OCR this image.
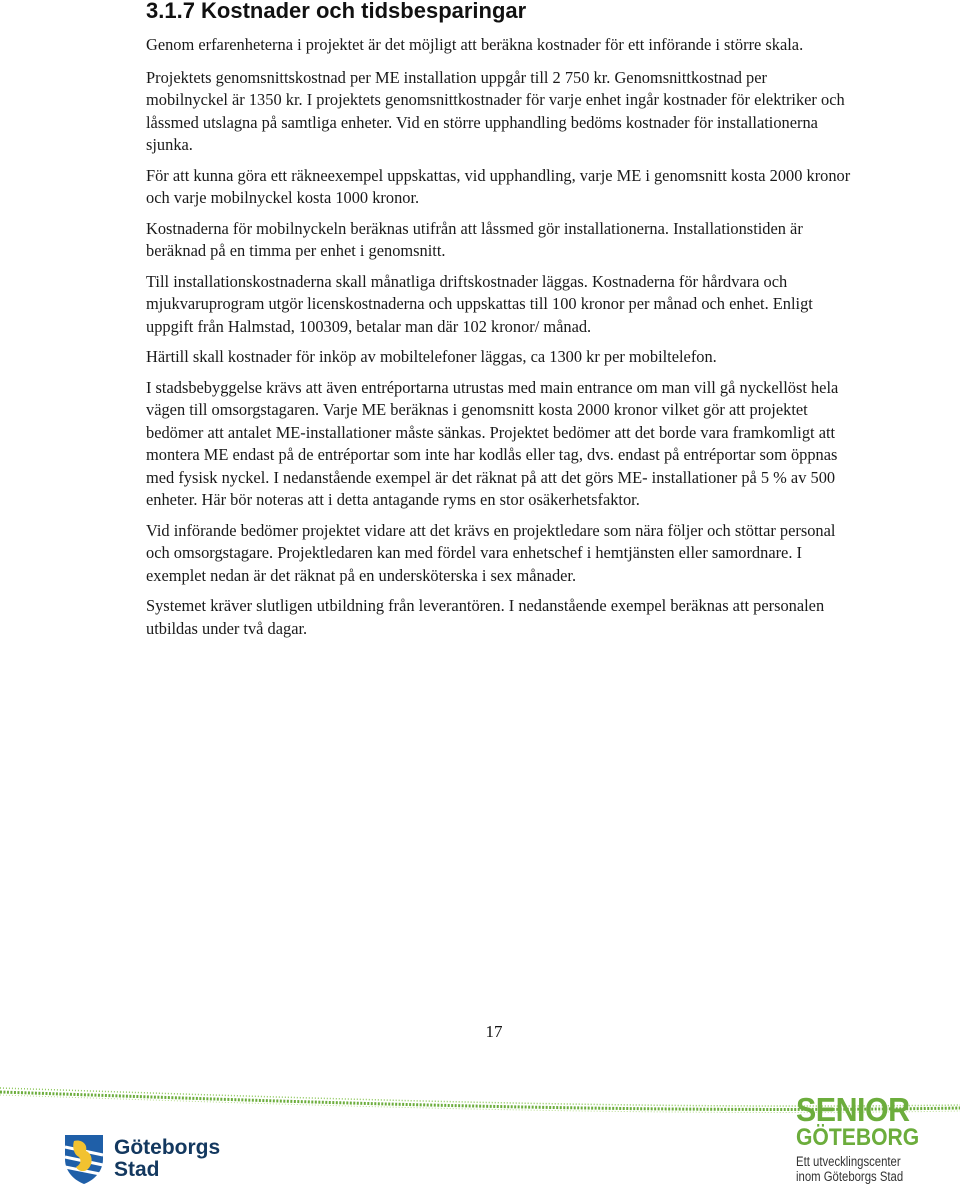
3.1.7 Kostnader och tidsbesparingar

Genom erfarenheterna i projektet är det möjligt att beräkna kostnader för ett införande i större skala.

Projektets genomsnittskostnad per ME installation uppgår till 2 750 kr. Genomsnittkostnad per mobilnyckel är 1350 kr. I projektets genomsnittkostnader för varje enhet ingår kostnader för elektriker och låssmed utslagna på samtliga enheter. Vid en större upphandling bedöms kostnader för installationerna sjunka.

För att kunna göra ett räkneexempel uppskattas, vid upphandling, varje ME i genomsnitt kosta 2000 kronor och varje mobilnyckel kosta 1000 kronor.

Kostnaderna för mobilnyckeln beräknas utifrån att låssmed gör installationerna. Installationstiden är beräknad på en timma per enhet i genomsnitt.

Till installationskostnaderna skall månatliga driftskostnader läggas. Kostnaderna för hårdvara och mjukvaruprogram utgör licenskostnaderna och uppskattas till 100 kronor per månad och enhet. Enligt uppgift från Halmstad, 100309, betalar man där 102 kronor/ månad.

Härtill skall kostnader för inköp av mobiltelefoner läggas, ca 1300 kr per mobiltelefon.

I stadsbebyggelse krävs att även entréportarna utrustas med main entrance om man vill gå nyckellöst hela vägen till omsorgstagaren. Varje ME beräknas i genomsnitt kosta 2000 kronor vilket gör att projektet bedömer att antalet ME-installationer måste sänkas. Projektet bedömer att det borde vara framkomligt att montera ME endast på de entréportar som inte har kodlås eller tag, dvs. endast på entréportar som öppnas med fysisk nyckel. I nedanstående exempel är det räknat på att det görs ME- installationer på 5 % av 500 enheter. Här bör noteras att i detta antagande ryms en stor osäkerhetsfaktor.

Vid införande bedömer projektet vidare att det krävs en projektledare som nära följer och stöttar personal och omsorgstagare. Projektledaren kan med fördel vara enhetschef i hemtjänsten eller samordnare. I exemplet nedan är det räknat på en undersköterska i sex månader.

Systemet kräver slutligen utbildning från leverantören. I nedanstående exempel beräknas att personalen utbildas under två dagar.

17
Göteborgs
Stad
SENIOR
GÖTEBORG
Ett utvecklingscenter
inom Göteborgs Stad
